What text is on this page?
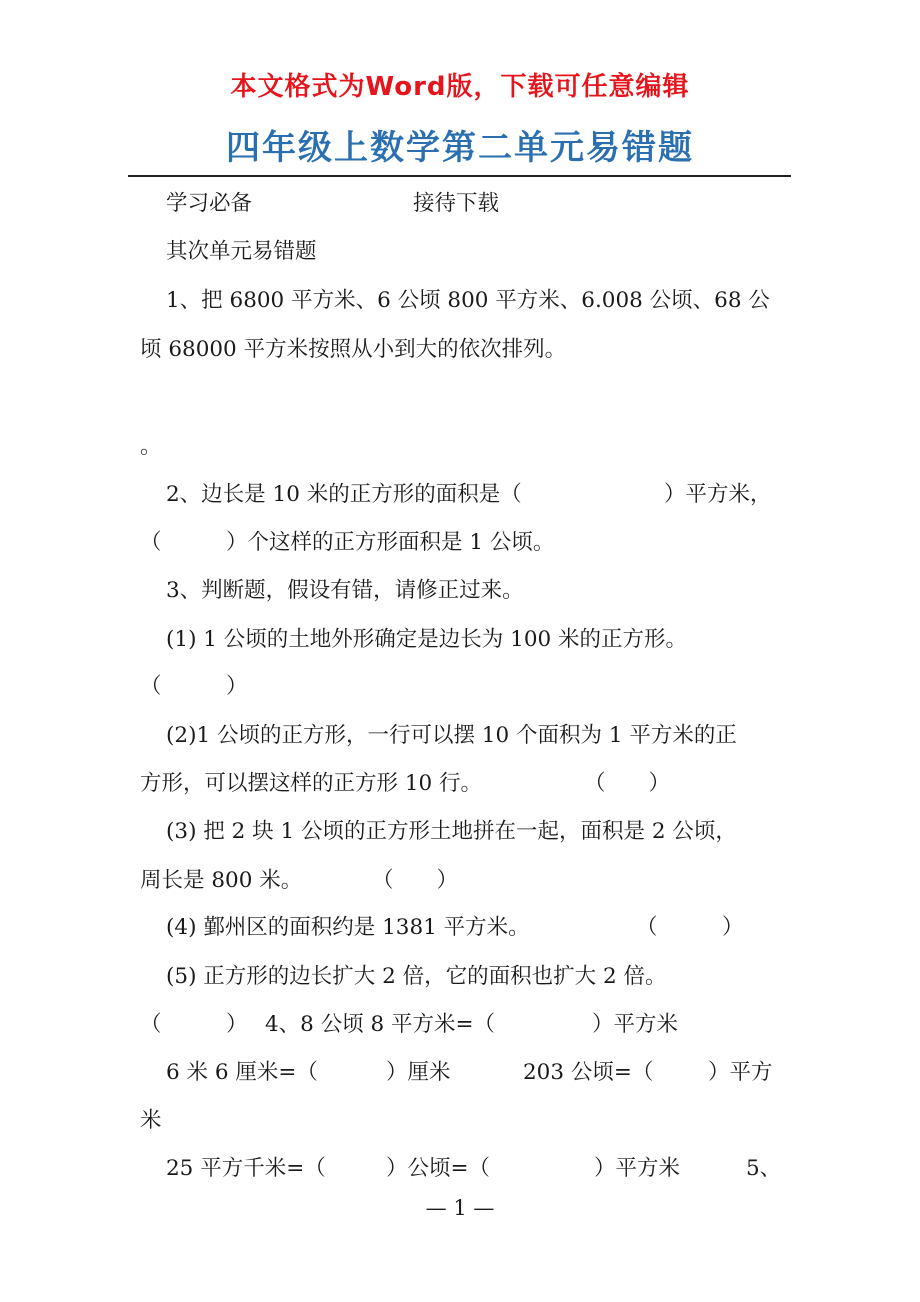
本文格式为Word版，下载可任意编辑
四年级上数学第二单元易错题
学习必备	接待下载
其次单元易错题
1、把 6800 平方米、6 公顷 800 平方米、6.008 公顷、68 公
顷 68000 平方米按照从小到大的依次排列。
。
2、边长是 10 米的正方形的面积是（	）平方米，
（　　　）个这样的正方形面积是 1 公顷。
3、判断题，假设有错，请修正过来。
(1) 1 公顷的土地外形确定是边长为 100 米的正方形。
（　　　）
(2)1 公顷的正方形，一行可以摆 10 个面积为 1 平方米的正
方形，可以摆这样的正方形 10 行。	（　　）
(3) 把 2 块 1 公顷的正方形土地拼在一起，面积是 2 公顷，
周长是 800 米。	（　　）
(4) 鄞州区的面积约是 1381 平方米。	（　　　）
(5) 正方形的边长扩大 2 倍，它的面积也扩大 2 倍。
（　　　） 4、8 公顷 8 平方米=（	）平方米
6 米 6 厘米=（	）厘米	203 公顷=（	）平方
米
25 平方千米=（	）公顷=（	）平方米	5、
— 1 —
